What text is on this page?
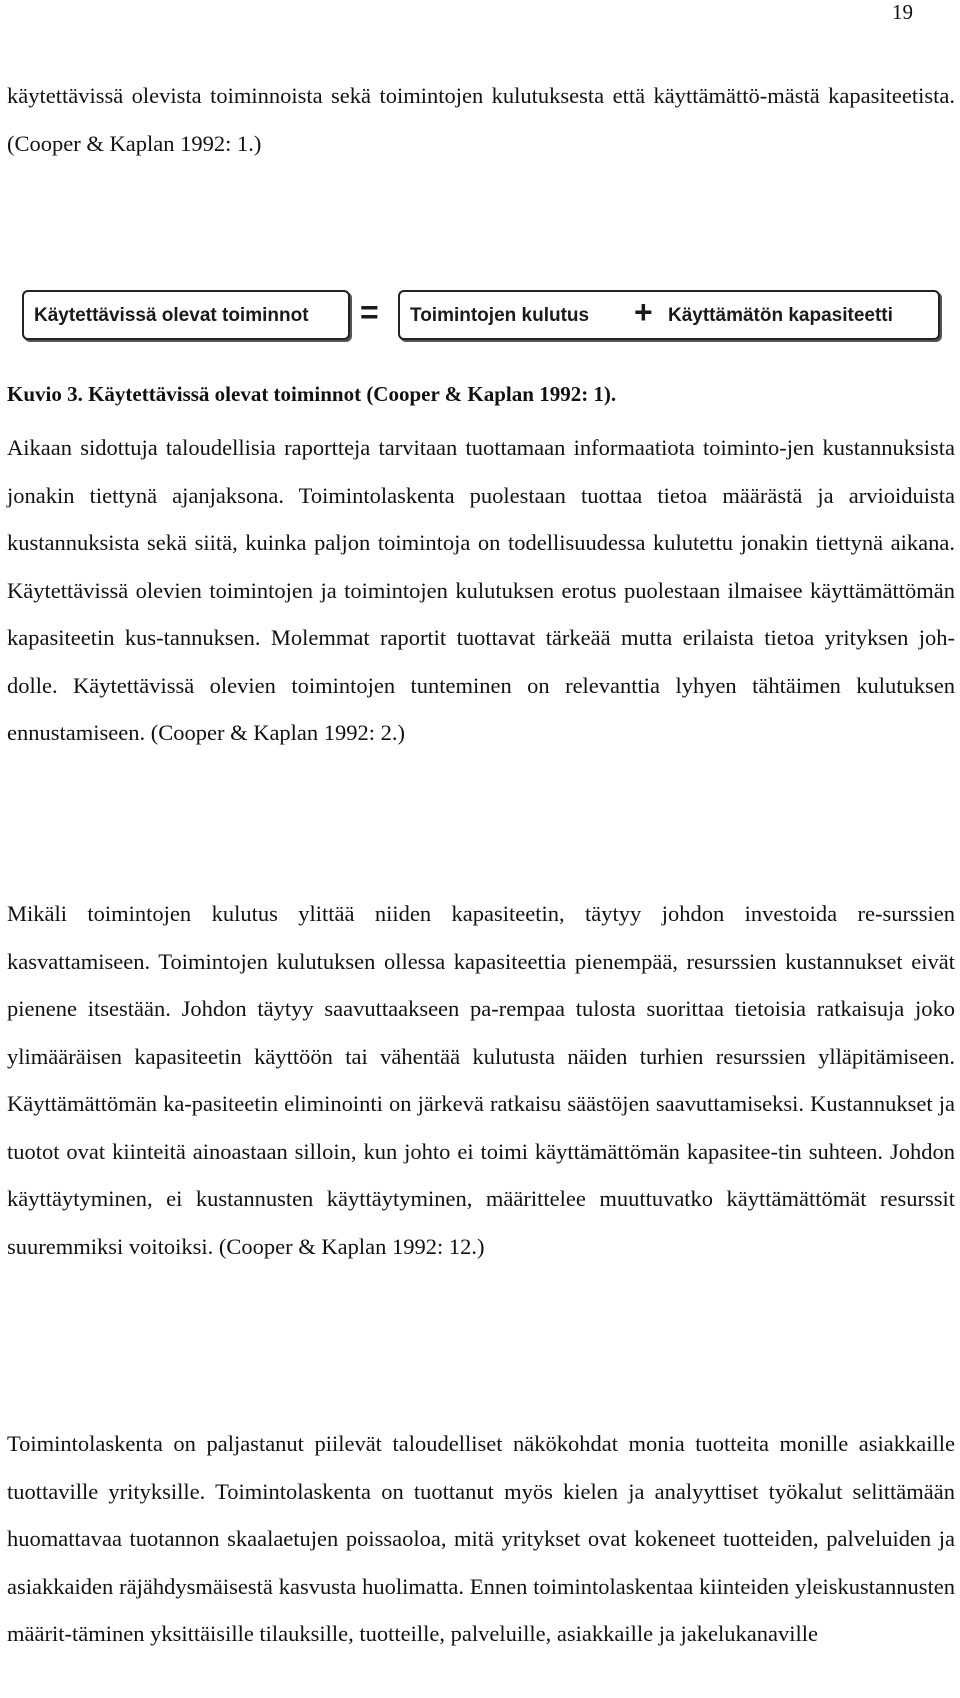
19

käytettävissä olevista toiminnoista sekä toimintojen kulutuksesta että käyttämättö-mästä kapasiteetista. (Cooper & Kaplan 1992: 1.)

Käytettävissä olevat toiminnot = Toimintojen kulutus + Käyttämätön kapasiteetti

Kuvio 3. Käytettävissä olevat toiminnot (Cooper & Kaplan 1992: 1).

Aikaan sidottuja taloudellisia raportteja tarvitaan tuottamaan informaatiota toiminto-jen kustannuksista jonakin tiettynä ajanjaksona. Toimintolaskenta puolestaan tuottaa tietoa määrästä ja arvioiduista kustannuksista sekä siitä, kuinka paljon toimintoja on todellisuudessa kulutettu jonakin tiettynä aikana. Käytettävissä olevien toimintojen ja toimintojen kulutuksen erotus puolestaan ilmaisee käyttämättömän kapasiteetin kus-tannuksen. Molemmat raportit tuottavat tärkeää mutta erilaista tietoa yrityksen joh-dolle. Käytettävissä olevien toimintojen tunteminen on relevanttia lyhyen tähtäimen kulutuksen ennustamiseen. (Cooper & Kaplan 1992: 2.)

Mikäli toimintojen kulutus ylittää niiden kapasiteetin, täytyy johdon investoida re-surssien kasvattamiseen. Toimintojen kulutuksen ollessa kapasiteettia pienempää, resurssien kustannukset eivät pienene itsestään. Johdon täytyy saavuttaakseen pa-rempaa tulosta suorittaa tietoisia ratkaisuja joko ylimääräisen kapasiteetin käyttöön tai vähentää kulutusta näiden turhien resurssien ylläpitämiseen. Käyttämättömän ka-pasiteetin eliminointi on järkevä ratkaisu säästöjen saavuttamiseksi. Kustannukset ja tuotot ovat kiinteitä ainoastaan silloin, kun johto ei toimi käyttämättömän kapasitee-tin suhteen. Johdon käyttäytyminen, ei kustannusten käyttäytyminen, määrittelee muuttuvatko käyttämättömät resurssit suuremmiksi voitoiksi. (Cooper & Kaplan 1992: 12.)

Toimintolaskenta on paljastanut piilevät taloudelliset näkökohdat monia tuotteita monille asiakkaille tuottaville yrityksille. Toimintolaskenta on tuottanut myös kielen ja analyyttiset työkalut selittämään huomattavaa tuotannon skaalaetujen poissaoloa, mitä yritykset ovat kokeneet tuotteiden, palveluiden ja asiakkaiden räjähdysmäisestä kasvusta huolimatta. Ennen toimintolaskentaa kiinteiden yleiskustannusten määrit-täminen yksittäisille tilauksille, tuotteille, palveluille, asiakkaille ja jakelukanaville
